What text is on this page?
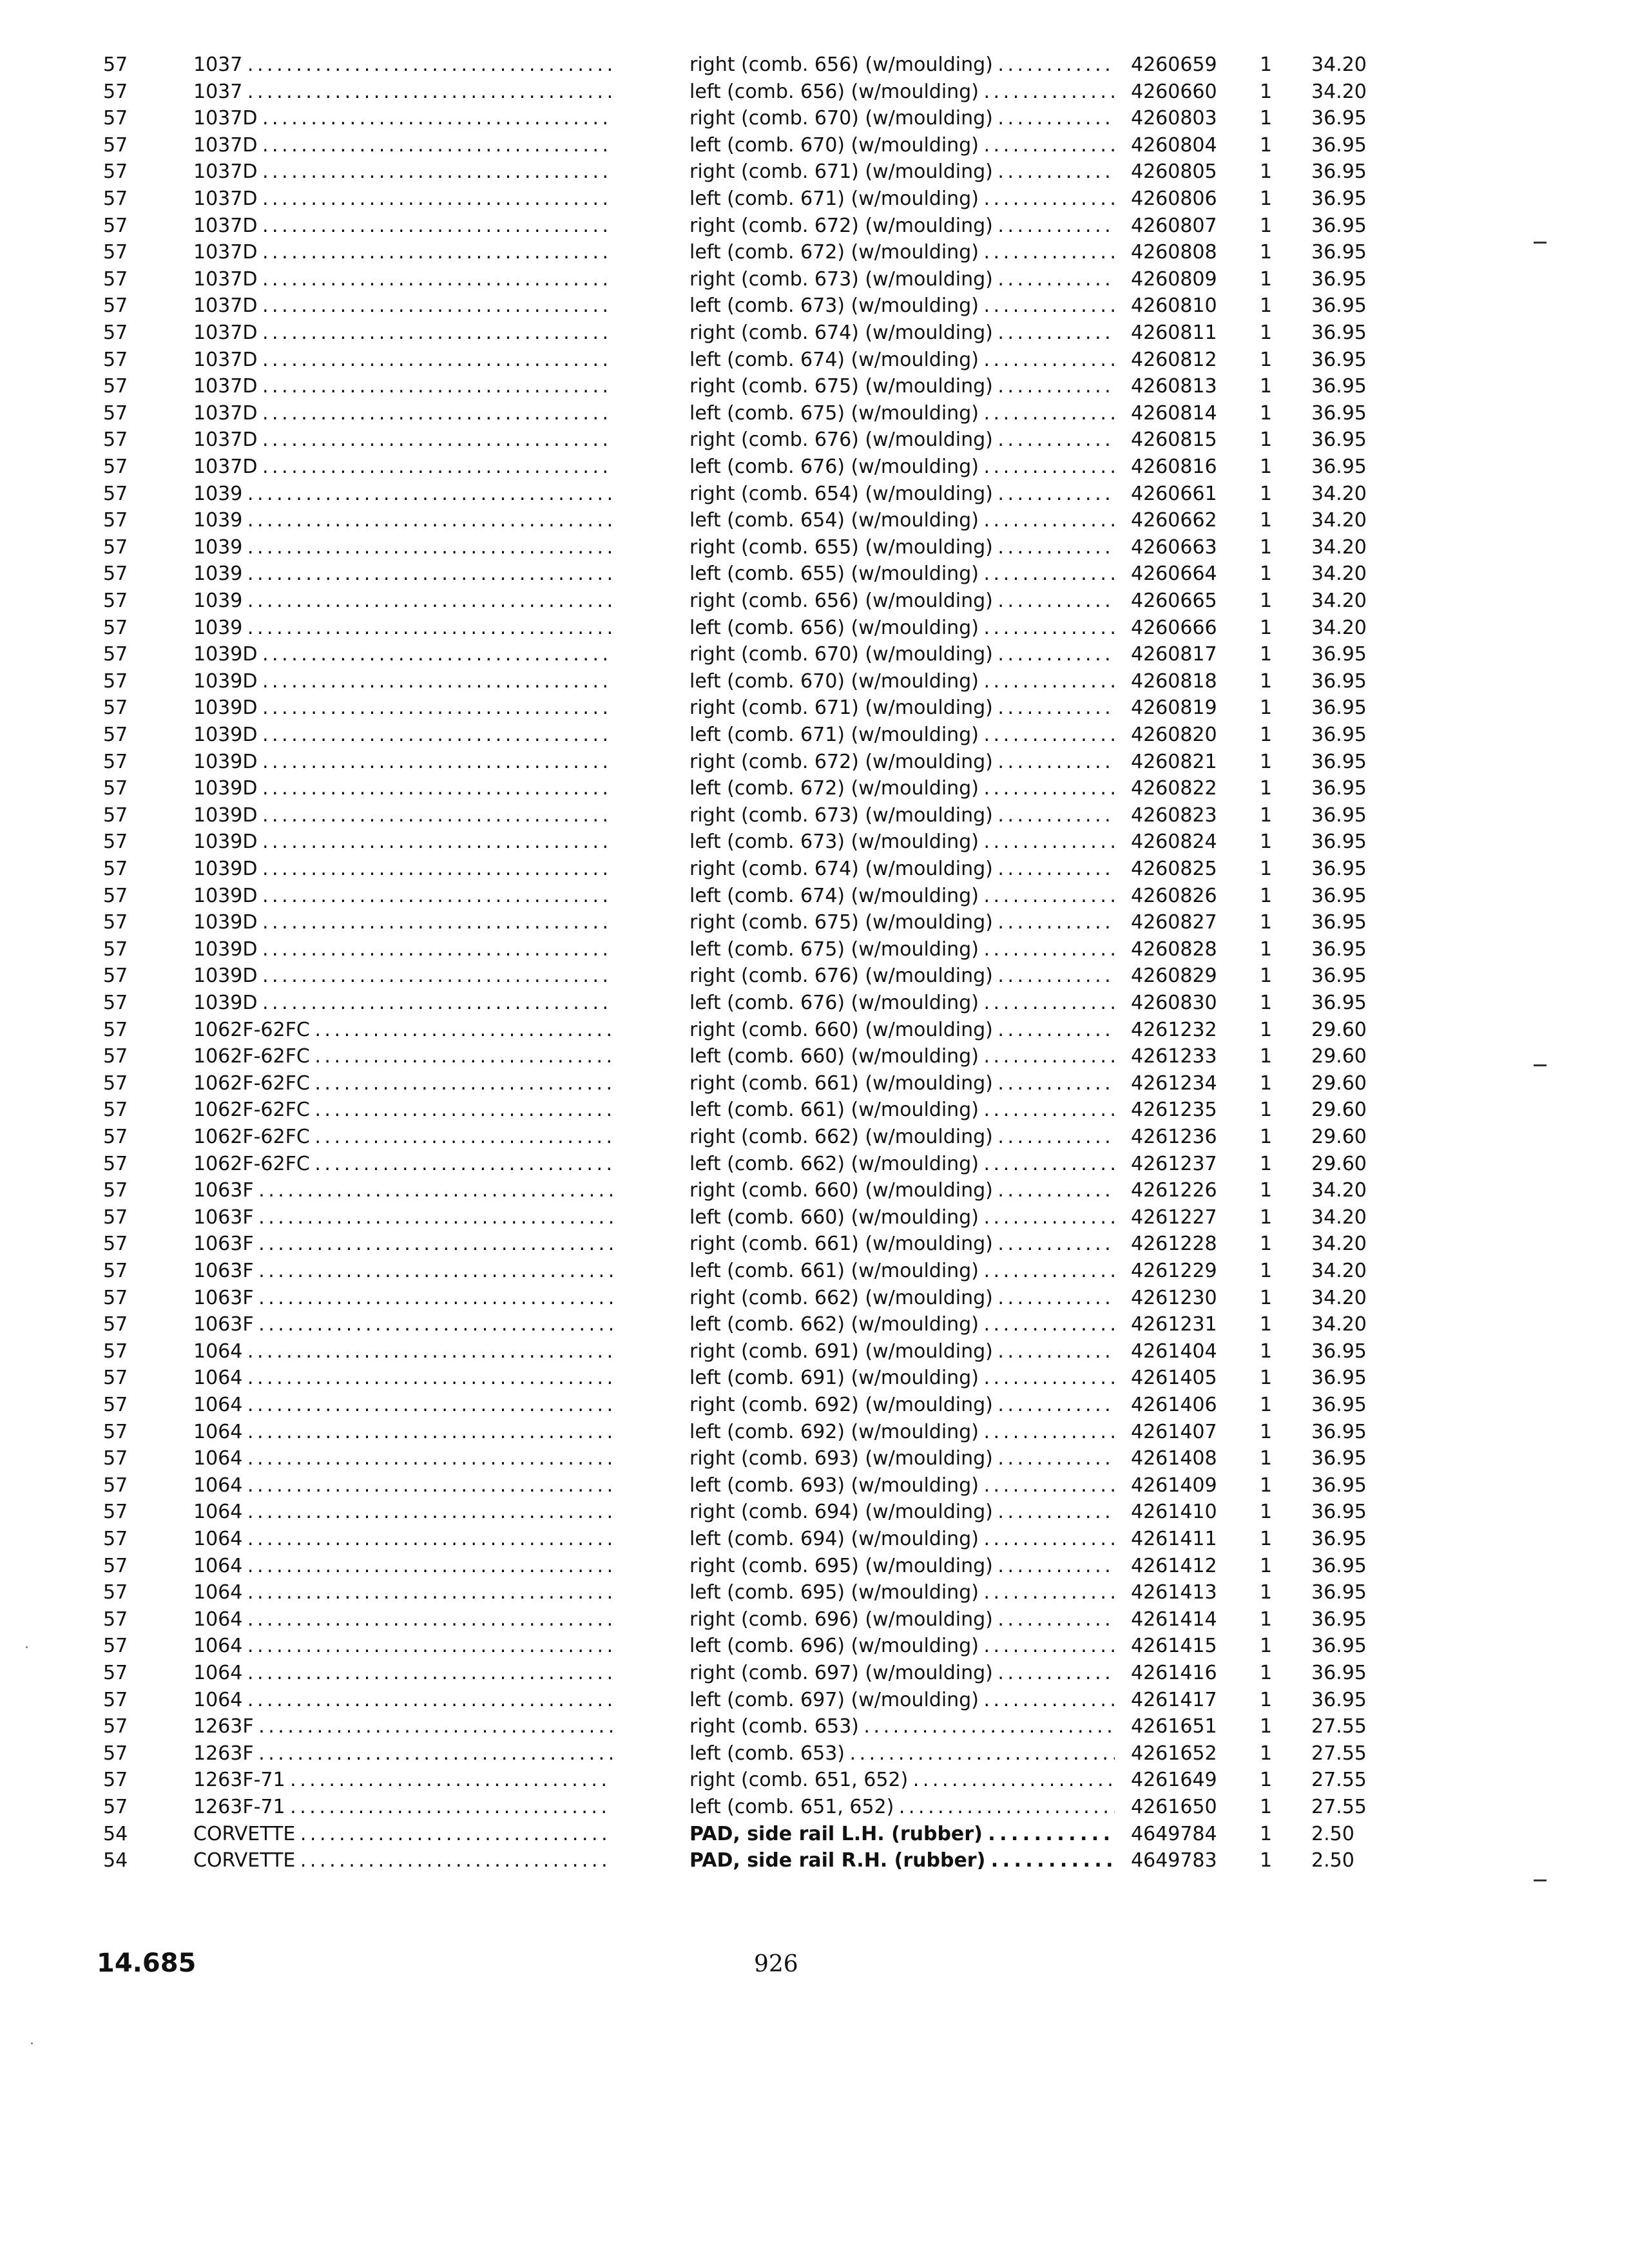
57	1037 . . .	right (comb. 656) (w/moulding) . . .	4260659	1	34.20
57	1037 . . .	left (comb. 656) (w/moulding) . . .	4260660	1	34.20
57	1037D . . .	right (comb. 670) (w/moulding) . . .	4260803	1	36.95
57	1037D . . .	left (comb. 670) (w/moulding) . . .	4260804	1	36.95
57	1037D . . .	right (comb. 671) (w/moulding) . . .	4260805	1	36.95
57	1037D . . .	left (comb. 671) (w/moulding) . . .	4260806	1	36.95
57	1037D . . .	right (comb. 672) (w/moulding) . . .	4260807	1	36.95
57	1037D . . .	left (comb. 672) (w/moulding) . . .	4260808	1	36.95
57	1037D . . .	right (comb. 673) (w/moulding) . . .	4260809	1	36.95
57	1037D . . .	left (comb. 673) (w/moulding) . . .	4260810	1	36.95
57	1037D . . .	right (comb. 674) (w/moulding) . . .	4260811	1	36.95
57	1037D . . .	left (comb. 674) (w/moulding) . . .	4260812	1	36.95
57	1037D . . .	right (comb. 675) (w/moulding) . . .	4260813	1	36.95
57	1037D . . .	left (comb. 675) (w/moulding) . . .	4260814	1	36.95
57	1037D . . .	right (comb. 676) (w/moulding) . . .	4260815	1	36.95
57	1037D . . .	left (comb. 676) (w/moulding) . . .	4260816	1	36.95
57	1039 . . .	right (comb. 654) (w/moulding) . . .	4260661	1	34.20
57	1039 . . .	left (comb. 654) (w/moulding) . . .	4260662	1	34.20
57	1039 . . .	right (comb. 655) (w/moulding) . . .	4260663	1	34.20
57	1039 . . .	left (comb. 655) (w/moulding) . . .	4260664	1	34.20
57	1039 . . .	right (comb. 656) (w/moulding) . . .	4260665	1	34.20
57	1039 . . .	left (comb. 656) (w/moulding) . . .	4260666	1	34.20
57	1039D . . .	right (comb. 670) (w/moulding) . . .	4260817	1	36.95
57	1039D . . .	left (comb. 670) (w/moulding) . . .	4260818	1	36.95
57	1039D . . .	right (comb. 671) (w/moulding) . . .	4260819	1	36.95
57	1039D . . .	left (comb. 671) (w/moulding) . . .	4260820	1	36.95
57	1039D . . .	right (comb. 672) (w/moulding) . . .	4260821	1	36.95
57	1039D . . .	left (comb. 672) (w/moulding) . . .	4260822	1	36.95
57	1039D . . .	right (comb. 673) (w/moulding) . . .	4260823	1	36.95
57	1039D . . .	left (comb. 673) (w/moulding) . . .	4260824	1	36.95
57	1039D . . .	right (comb. 674) (w/moulding) . . .	4260825	1	36.95
57	1039D . . .	left (comb. 674) (w/moulding) . . .	4260826	1	36.95
57	1039D . . .	right (comb. 675) (w/moulding) . . .	4260827	1	36.95
57	1039D . . .	left (comb. 675) (w/moulding) . . .	4260828	1	36.95
57	1039D . . .	right (comb. 676) (w/moulding) . . .	4260829	1	36.95
57	1039D . . .	left (comb. 676) (w/moulding) . . .	4260830	1	36.95
57	1062F-62FC . . .	right (comb. 660) (w/moulding) . . .	4261232	1	29.60
57	1062F-62FC . . .	left (comb. 660) (w/moulding) . . .	4261233	1	29.60
57	1062F-62FC . . .	right (comb. 661) (w/moulding) . . .	4261234	1	29.60
57	1062F-62FC . . .	left (comb. 661) (w/moulding) . . .	4261235	1	29.60
57	1062F-62FC . . .	right (comb. 662) (w/moulding) . . .	4261236	1	29.60
57	1062F-62FC . . .	left (comb. 662) (w/moulding) . . .	4261237	1	29.60
57	1063F . . .	right (comb. 660) (w/moulding) . . .	4261226	1	34.20
57	1063F . . .	left (comb. 660) (w/moulding) . . .	4261227	1	34.20
57	1063F . . .	right (comb. 661) (w/moulding) . . .	4261228	1	34.20
57	1063F . . .	left (comb. 661) (w/moulding) . . .	4261229	1	34.20
57	1063F . . .	right (comb. 662) (w/moulding) . . .	4261230	1	34.20
57	1063F . . .	left (comb. 662) (w/moulding) . . .	4261231	1	34.20
57	1064 . . .	right (comb. 691) (w/moulding) . . .	4261404	1	36.95
57	1064 . . .	left (comb. 691) (w/moulding) . . .	4261405	1	36.95
57	1064 . . .	right (comb. 692) (w/moulding) . . .	4261406	1	36.95
57	1064 . . .	left (comb. 692) (w/moulding) . . .	4261407	1	36.95
57	1064 . . .	right (comb. 693) (w/moulding) . . .	4261408	1	36.95
57	1064 . . .	left (comb. 693) (w/moulding) . . .	4261409	1	36.95
57	1064 . . .	right (comb. 694) (w/moulding) . . .	4261410	1	36.95
57	1064 . . .	left (comb. 694) (w/moulding) . . .	4261411	1	36.95
57	1064 . . .	right (comb. 695) (w/moulding) . . .	4261412	1	36.95
57	1064 . . .	left (comb. 695) (w/moulding) . . .	4261413	1	36.95
57	1064 . . .	right (comb. 696) (w/moulding) . . .	4261414	1	36.95
57	1064 . . .	left (comb. 696) (w/moulding) . . .	4261415	1	36.95
57	1064 . . .	right (comb. 697) (w/moulding) . . .	4261416	1	36.95
57	1064 . . .	left (comb. 697) (w/moulding) . . .	4261417	1	36.95
57	1263F . . .	right (comb. 653) . . .	4261651	1	27.55
57	1263F . . .	left (comb. 653) . . .	4261652	1	27.55
57	1263F-71 . . .	right (comb. 651, 652) . . .	4261649	1	27.55
57	1263F-71 . . .	left (comb. 651, 652) . . .	4261650	1	27.55
54	CORVETTE . . .	PAD, side rail L.H. (rubber) . . .	4649784	1	2.50
54	CORVETTE . . .	PAD, side rail R.H. (rubber) . . .	4649783	1	2.50
14.685	926
